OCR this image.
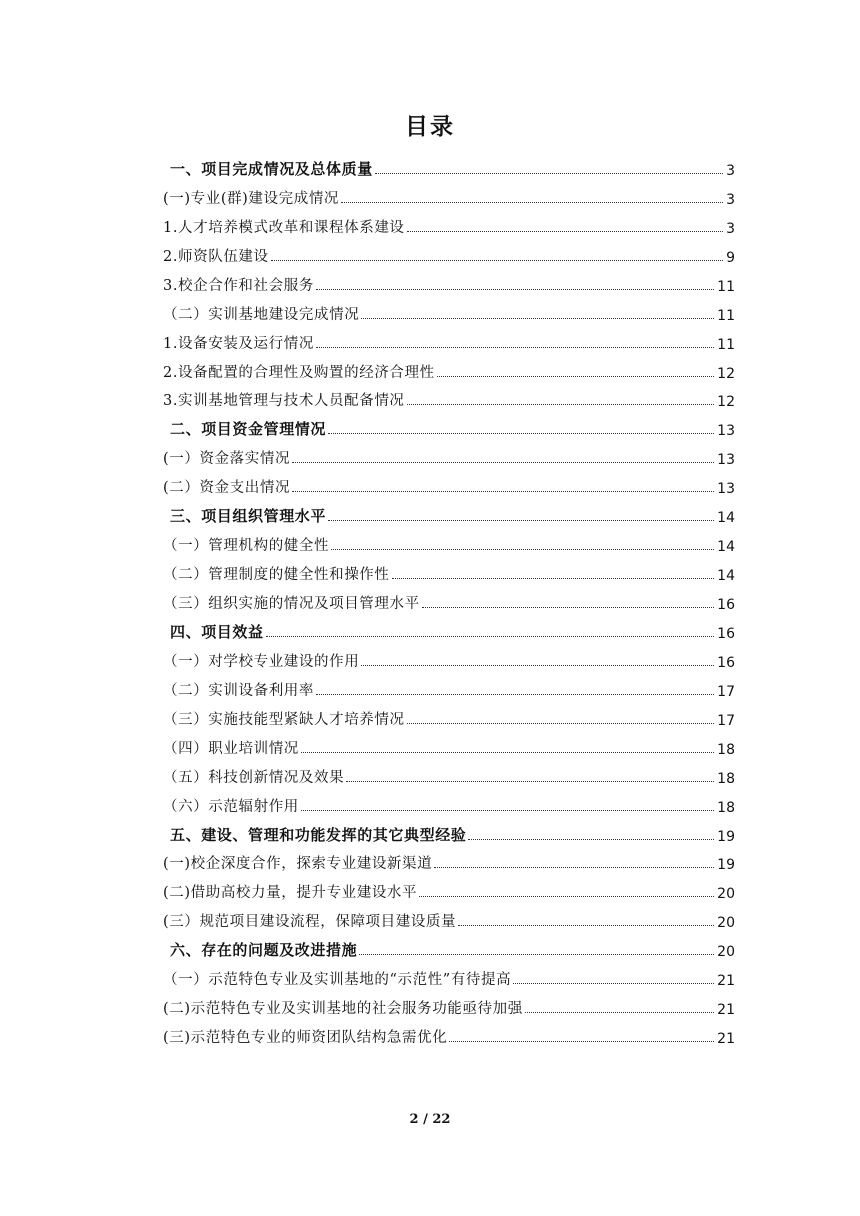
目录
一、项目完成情况及总体质量	3
(一)专业(群)建设完成情况	3
1.人才培养模式改革和课程体系建设	3
2.师资队伍建设	9
3.校企合作和社会服务	11
（二）实训基地建设完成情况	11
1.设备安装及运行情况	11
2.设备配置的合理性及购置的经济合理性	12
3.实训基地管理与技术人员配备情况	12
二、项目资金管理情况	13
(一）资金落实情况	13
(二）资金支出情况	13
三、项目组织管理水平	14
（一）管理机构的健全性	14
（二）管理制度的健全性和操作性	14
（三）组织实施的情况及项目管理水平	16
四、项目效益	16
（一）对学校专业建设的作用	16
（二）实训设备利用率	17
（三）实施技能型紧缺人才培养情况	17
（四）职业培训情况	18
（五）科技创新情况及效果	18
（六）示范辐射作用	18
五、建设、管理和功能发挥的其它典型经验	19
(一)校企深度合作，探索专业建设新渠道	19
(二)借助高校力量，提升专业建设水平	20
(三）规范项目建设流程，保障项目建设质量	20
六、存在的问题及改进措施	20
（一）示范特色专业及实训基地的“示范性”有待提高	21
(二)示范特色专业及实训基地的社会服务功能亟待加强	21
(三)示范特色专业的师资团队结构急需优化	21
2 / 22
